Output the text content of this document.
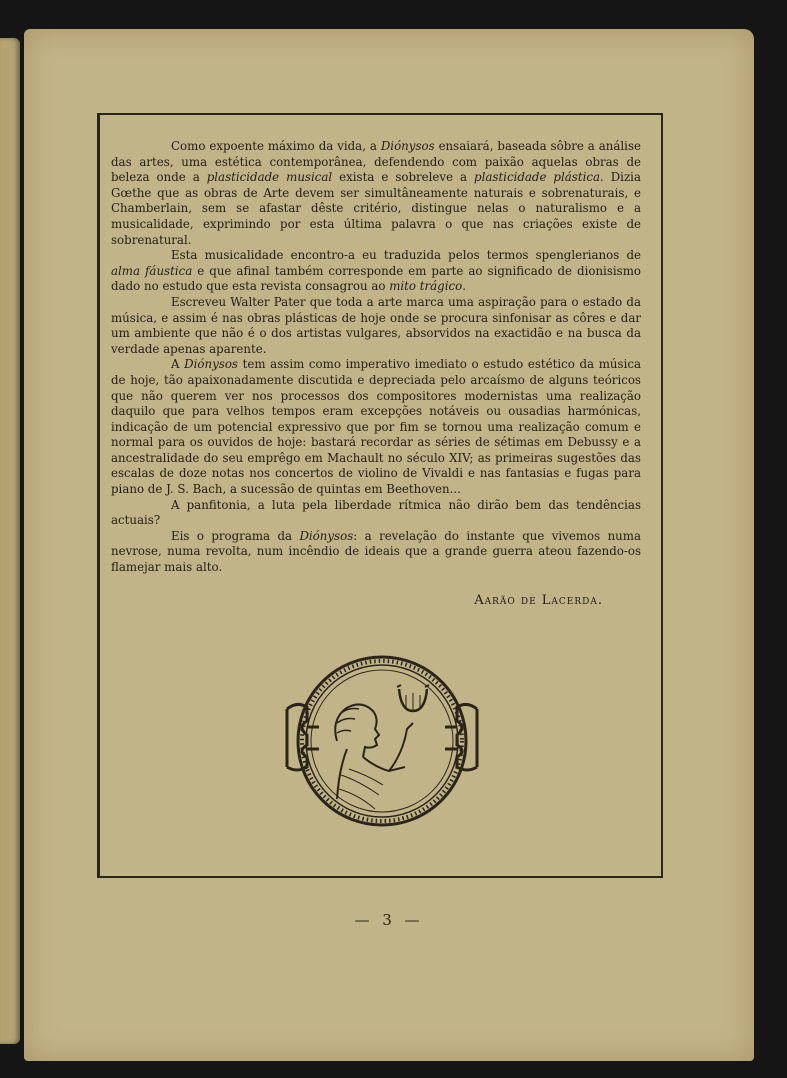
— 3 —

Como expoente máximo da vida, a Diónysos ensaiará, baseada sôbre a análise das artes, uma estética contemporânea, defendendo com paixão aquelas obras de beleza onde a plasticidade musical exista e sobreleve a plasticidade plástica. Dizia Gœthe que as obras de Arte devem ser simultâneamente naturais e sobrenaturais, e Chamberlain, sem se afastar dêste critério, distingue nelas o naturalismo e a musicalidade, exprimindo por esta última palavra o que nas criações existe de sobrenatural.

Esta musicalidade encontro-a eu traduzida pelos termos spenglerianos de alma fáustica e que afinal também corresponde em parte ao significado de dionisismo dado no estudo que esta revista consagrou ao mito trágico.

Escreveu Walter Pater que toda a arte marca uma aspiração para o estado da música, e assim é nas obras plásticas de hoje onde se procura sinfonisar as côres e dar um ambiente que não é o dos artistas vulgares, absorvidos na exactidão e na busca da verdade apenas aparente.

A Diónysos tem assim como imperativo imediato o estudo estético da música de hoje, tão apaixonadamente discutida e depreciada pelo arcaísmo de alguns teóricos que não querem ver nos processos dos compositores modernistas uma realização daquilo que para velhos tempos eram excepções notáveis ou ousadias harmónicas, indicação de um potencial expressivo que por fim se tornou uma realização comum e normal para os ouvidos de hoje: bastará recordar as séries de sétimas em Debussy e a ancestralidade do seu emprêgo em Machault no século XIV; as primeiras sugestões das escalas de doze notas nos concertos de violino de Vivaldi e nas fantasias e fugas para piano de J. S. Bach, a sucessão de quintas em Beethoven...

A panfitonia, a luta pela liberdade rítmica não dirão bem das tendências actuais?

Eis o programa da Diónysos: a revelação do instante que vivemos numa nevrose, numa revolta, num incêndio de ideais que a grande guerra ateou fazendo-os flamejar mais alto.

Aarão de Lacerda.
